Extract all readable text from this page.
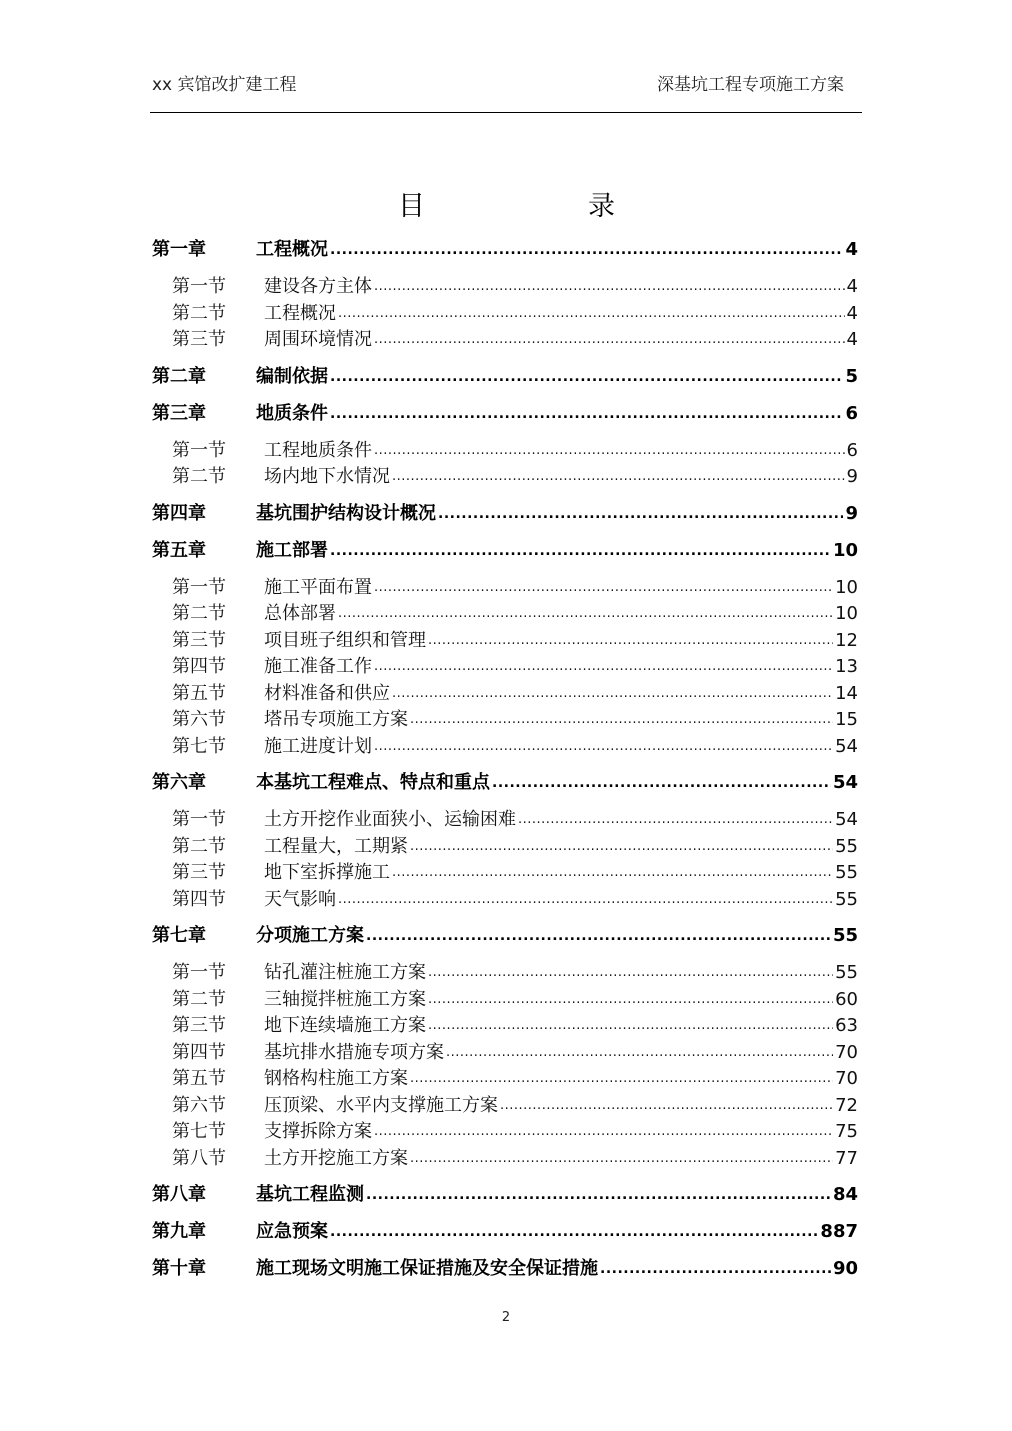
xx 宾馆改扩建工程	深基坑工程专项施工方案
目	录
第一章	工程概况 .....	4
第一节	建设各方主体 .....	4
第二节	工程概况 .....	4
第三节	周围环境情况 .....	4
第二章	编制依据 .....	5
第三章	地质条件 .....	6
第一节	工程地质条件 .....	6
第二节	场内地下水情况 .....	9
第四章	基坑围护结构设计概况 .....	9
第五章	施工部署 .....	10
第一节	施工平面布置 .....	10
第二节	总体部署 .....	10
第三节	项目班子组织和管理 .....	12
第四节	施工准备工作 .....	13
第五节	材料准备和供应 .....	14
第六节	塔吊专项施工方案 .....	15
第七节	施工进度计划 .....	54
第六章	本基坑工程难点、特点和重点 .....	54
第一节	土方开挖作业面狭小、运输困难 .....	54
第二节	工程量大，工期紧 .....	55
第三节	地下室拆撑施工 .....	55
第四节	天气影响 .....	55
第七章	分项施工方案 .....	55
第一节	钻孔灌注桩施工方案 .....	55
第二节	三轴搅拌桩施工方案 .....	60
第三节	地下连续墙施工方案 .....	63
第四节	基坑排水措施专项方案 .....	70
第五节	钢格构柱施工方案 .....	70
第六节	压顶梁、水平内支撑施工方案 .....	72
第七节	支撑拆除方案 .....	75
第八节	土方开挖施工方案 .....	77
第八章	基坑工程监测 .....	84
第九章	应急预案 .....	887
第十章	施工现场文明施工保证措施及安全保证措施 .....	90
2
